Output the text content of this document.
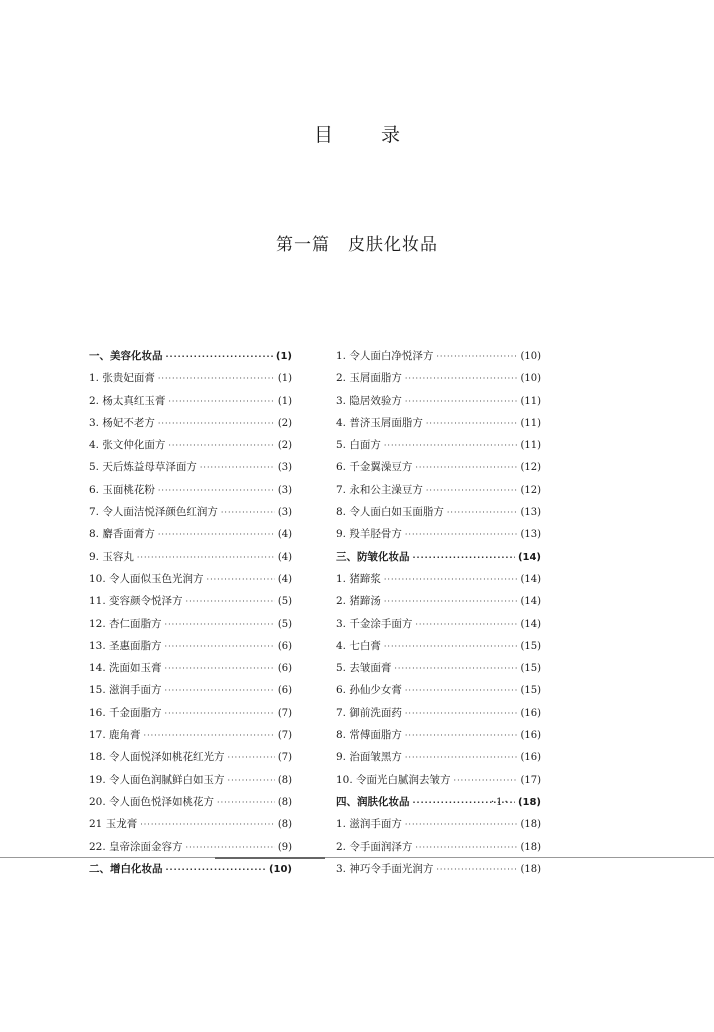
目录
第一篇　皮肤化妆品
一、美容化妆品 ·····	(1)
1. 张贵妃面膏 ·····	(1)
2. 杨太真红玉膏 ·····	(1)
3. 杨妃不老方 ·····	(2)
4. 张文仲化面方 ·····	(2)
5. 天后炼益母草泽面方 ·····	(3)
6. 玉面桃花粉 ·····	(3)
7. 令人面洁悦泽颜色红润方 ·····	(3)
8. 麝香面膏方 ·····	(4)
9. 玉容丸 ·····	(4)
10. 令人面似玉色光润方 ·····	(4)
11. 变容颜令悦泽方 ·····	(5)
12. 杏仁面脂方 ·····	(5)
13. 圣惠面脂方 ·····	(6)
14. 洗面如玉膏 ·····	(6)
15. 滋润手面方 ·····	(6)
16. 千金面脂方 ·····	(7)
17. 鹿角膏 ·····	(7)
18. 令人面悦泽如桃花红光方 ·····	(7)
19. 令人面色润腻鲜白如玉方 ·····	(8)
20. 令人面色悦泽如桃花方 ·····	(8)
21 玉龙膏 ·····	(8)
22. 皇帝涂面金容方 ·····	(9)
二、增白化妆品 ·····	(10)
1. 令人面白净悦泽方 ·····	(10)
2. 玉屑面脂方 ·····	(10)
3. 隐居效验方 ·····	(11)
4. 普济玉屑面脂方 ·····	(11)
5. 白面方 ·····	(11)
6. 千金翼澡豆方 ·····	(12)
7. 永和公主澡豆方 ·····	(12)
8. 令人面白如玉面脂方 ·····	(13)
9. 羖羊胫骨方 ·····	(13)
三、防皱化妆品 ·····	(14)
1. 猪蹄浆 ·····	(14)
2. 猪蹄汤 ·····	(14)
3. 千金涂手面方 ·····	(14)
4. 七白膏 ·····	(15)
5. 去皱面膏 ·····	(15)
6. 孙仙少女膏 ·····	(15)
7. 御前洗面药 ·····	(16)
8. 常傅面脂方 ·····	(16)
9. 治面皱黑方 ·····	(16)
10. 令面光白腻润去皱方 ·····	(17)
四、润肤化妆品 ·····	(18)
1. 滋润手面方 ·····	(18)
2. 令手面润泽方 ·····	(18)
3. 神巧令手面光润方 ·····	(18)
·1·
